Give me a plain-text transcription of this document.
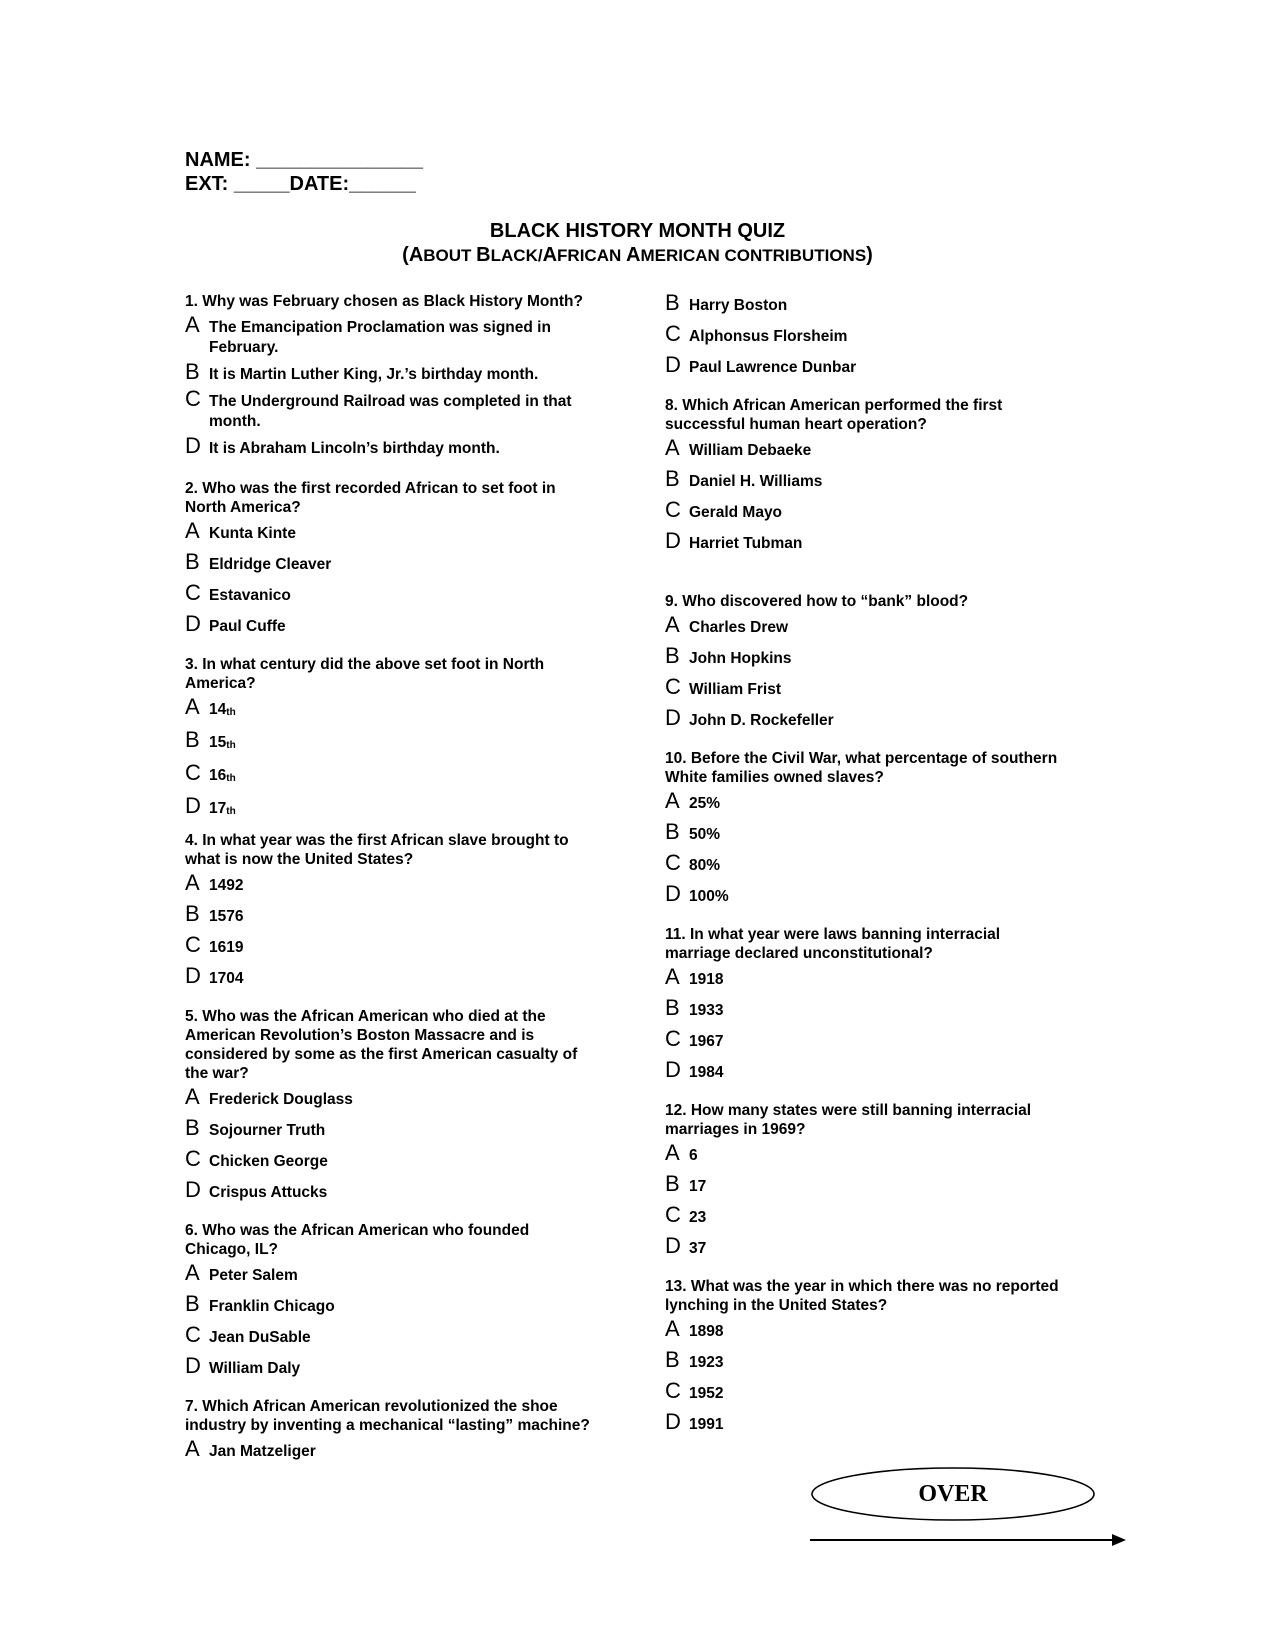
NAME: _______________
EXT: _____DATE:______
BLACK HISTORY MONTH QUIZ
(ABOUT BLACK/AFRICAN AMERICAN CONTRIBUTIONS)
1. Why was February chosen as Black History Month?
A The Emancipation Proclamation was signed in February.
B It is Martin Luther King, Jr.’s birthday month.
C The Underground Railroad was completed in that month.
D It is Abraham Lincoln’s birthday month.
2. Who was the first recorded African to set foot in North America?
A Kunta Kinte
B Eldridge Cleaver
C Estavanico
D Paul Cuffe
3. In what century did the above set foot in North America?
A 14th
B 15th
C 16th
D 17th
4. In what year was the first African slave brought to what is now the United States?
A 1492
B 1576
C 1619
D 1704
5. Who was the African American who died at the American Revolution’s Boston Massacre and is considered by some as the first American casualty of the war?
A Frederick Douglass
B Sojourner Truth
C Chicken George
D Crispus Attucks
6. Who was the African American who founded Chicago, IL?
A Peter Salem
B Franklin Chicago
C Jean DuSable
D William Daly
7. Which African American revolutionized the shoe industry by inventing a mechanical “lasting” machine?
A Jan Matzeliger
B Harry Boston
C Alphonsus Florsheim
D Paul Lawrence Dunbar
8. Which African American performed the first successful human heart operation?
A William Debaeke
B Daniel H. Williams
C Gerald Mayo
D Harriet Tubman
9. Who discovered how to “bank” blood?
A Charles Drew
B John Hopkins
C William Frist
D John D. Rockefeller
10. Before the Civil War, what percentage of southern White families owned slaves?
A 25%
B 50%
C 80%
D 100%
11. In what year were laws banning interracial marriage declared unconstitutional?
A 1918
B 1933
C 1967
D 1984
12. How many states were still banning interracial marriages in 1969?
A 6
B 17
C 23
D 37
13. What was the year in which there was no reported lynching in the United States?
A 1898
B 1923
C 1952
D 1991
OVER
